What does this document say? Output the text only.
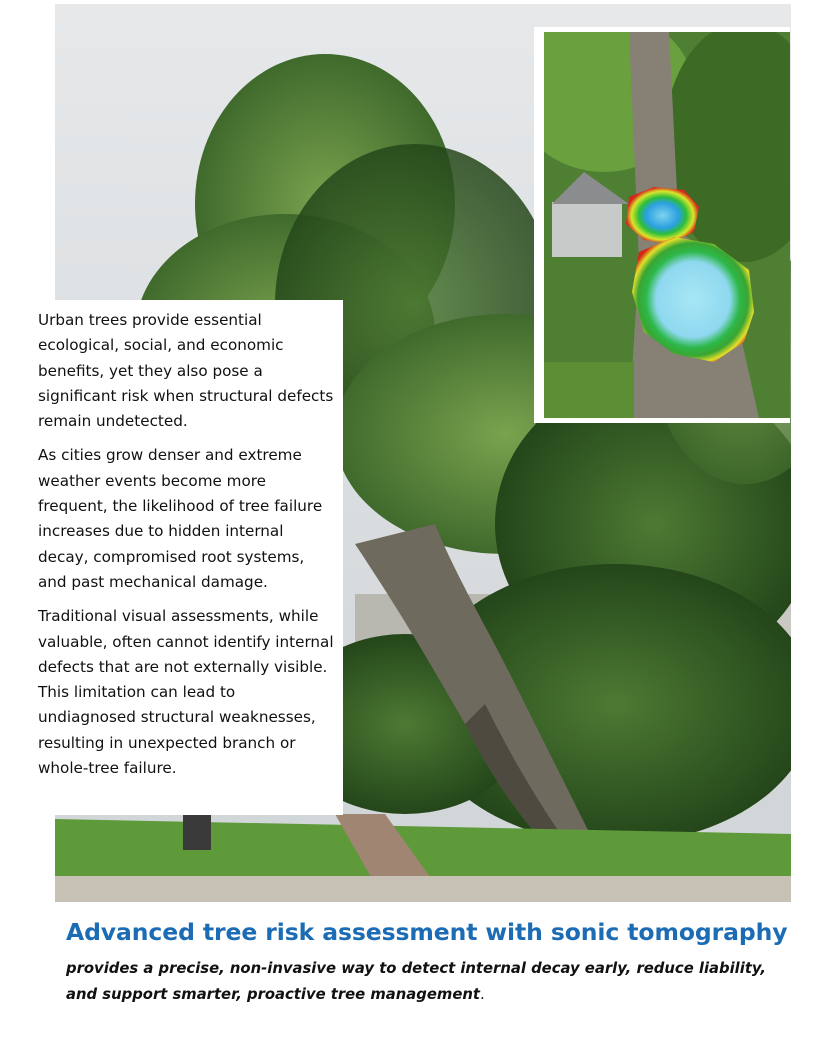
Urban trees provide essential ecological, social, and economic benefits, yet they also pose a significant risk when structural defects remain undetected.

As cities grow denser and extreme weather events become more frequent, the likelihood of tree failure increases due to hidden internal decay, compromised root systems, and past mechanical damage.

Traditional visual assessments, while valuable, often cannot identify internal defects that are not externally visible. This limitation can lead to undiagnosed structural weaknesses, resulting in unexpected branch or whole-tree failure.

Advanced tree risk assessment with sonic tomography
provides a precise, non-invasive way to detect internal decay early, reduce liability, and support smarter, proactive tree management.
